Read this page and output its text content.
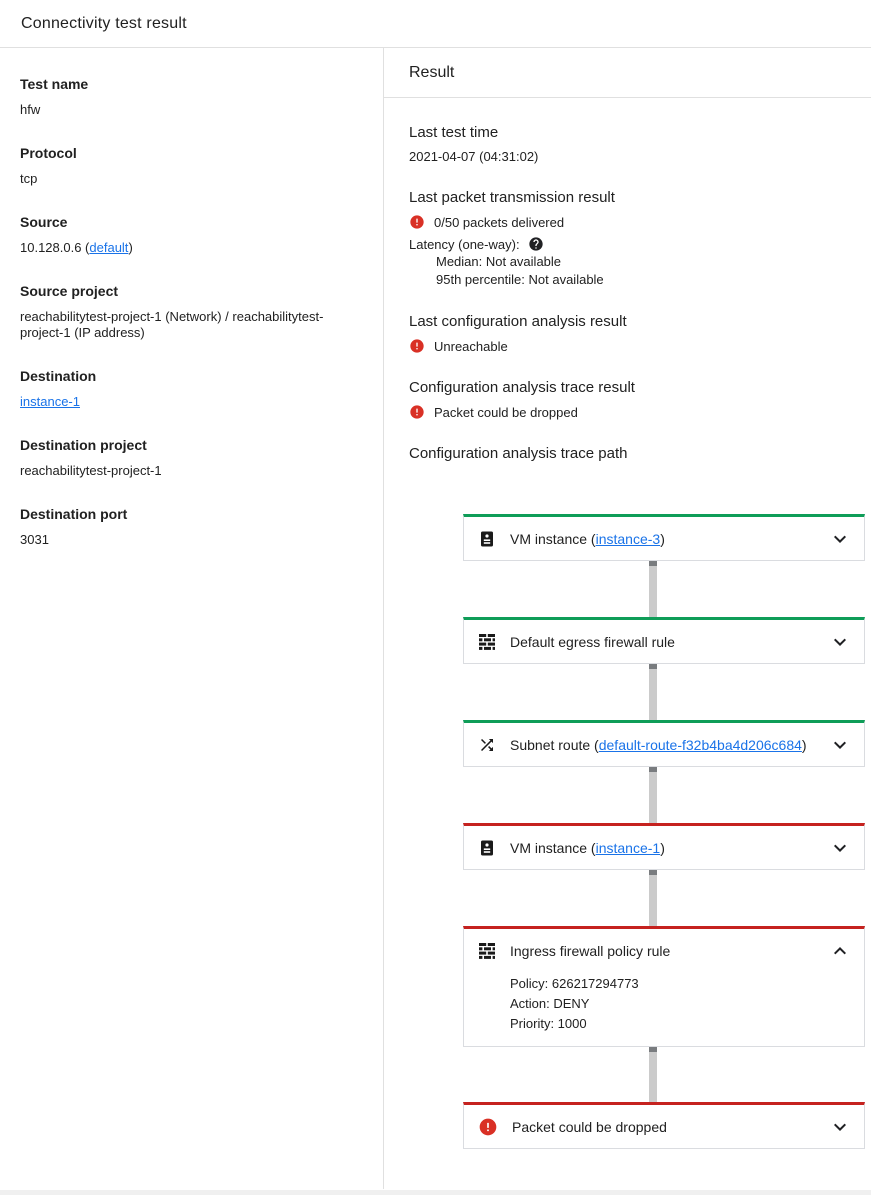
Connectivity test result
Test name
hfw
Protocol
tcp
Source
10.128.0.6 (default)
Source project
reachabilitytest-project-1 (Network) / reachabilitytest-project-1 (IP address)
Destination
instance-1
Destination project
reachabilitytest-project-1
Destination port
3031
Result
Last test time
2021-04-07 (04:31:02)
Last packet transmission result
0/50 packets delivered
Latency (one-way):
Median: Not available
95th percentile: Not available
Last configuration analysis result
Unreachable
Configuration analysis trace result
Packet could be dropped
Configuration analysis trace path
VM instance (instance-3)
Default egress firewall rule
Subnet route (default-route-f32b4ba4d206c684)
VM instance (instance-1)
Ingress firewall policy rule
Policy: 626217294773
Action: DENY
Priority: 1000
Packet could be dropped
